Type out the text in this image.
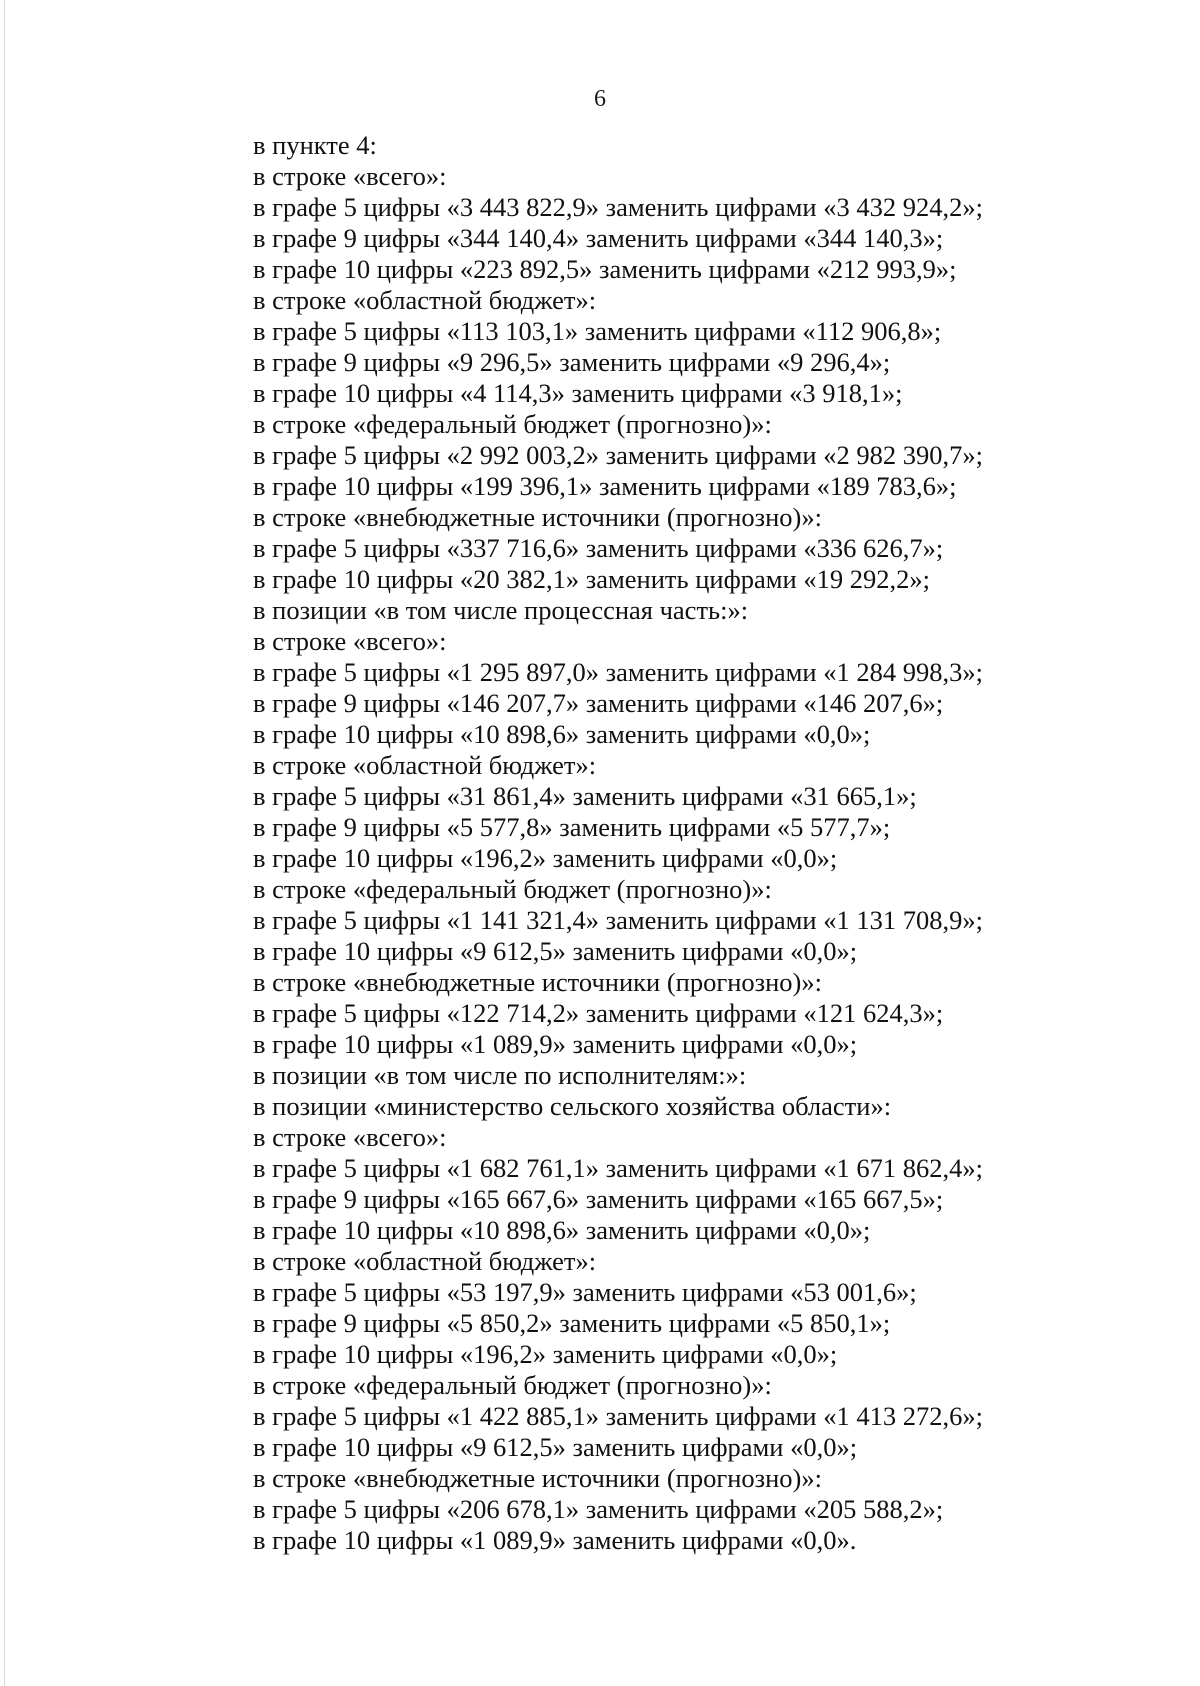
6
в пункте 4:
в строке «всего»:
в графе 5 цифры «3 443 822,9» заменить цифрами «3 432 924,2»;
в графе 9 цифры «344 140,4» заменить цифрами «344 140,3»;
в графе 10 цифры «223 892,5» заменить цифрами «212 993,9»;
в строке «областной бюджет»:
в графе 5 цифры «113 103,1» заменить цифрами «112 906,8»;
в графе 9 цифры «9 296,5» заменить цифрами «9 296,4»;
в графе 10 цифры «4 114,3» заменить цифрами «3 918,1»;
в строке «федеральный бюджет (прогнозно)»:
в графе 5 цифры «2 992 003,2» заменить цифрами «2 982 390,7»;
в графе 10 цифры «199 396,1» заменить цифрами «189 783,6»;
в строке «внебюджетные источники (прогнозно)»:
в графе 5 цифры «337 716,6» заменить цифрами «336 626,7»;
в графе 10 цифры «20 382,1» заменить цифрами «19 292,2»;
в позиции «в том числе процессная часть:»:
в строке «всего»:
в графе 5 цифры «1 295 897,0» заменить цифрами «1 284 998,3»;
в графе 9 цифры «146 207,7» заменить цифрами «146 207,6»;
в графе 10 цифры «10 898,6» заменить цифрами «0,0»;
в строке «областной бюджет»:
в графе 5 цифры «31 861,4» заменить цифрами «31 665,1»;
в графе 9 цифры «5 577,8» заменить цифрами «5 577,7»;
в графе 10 цифры «196,2» заменить цифрами «0,0»;
в строке «федеральный бюджет (прогнозно)»:
в графе 5 цифры «1 141 321,4» заменить цифрами «1 131 708,9»;
в графе 10 цифры «9 612,5» заменить цифрами «0,0»;
в строке «внебюджетные источники (прогнозно)»:
в графе 5 цифры «122 714,2» заменить цифрами «121 624,3»;
в графе 10 цифры «1 089,9» заменить цифрами «0,0»;
в позиции «в том числе по исполнителям:»:
в позиции «министерство сельского хозяйства области»:
в строке «всего»:
в графе 5 цифры «1 682 761,1» заменить цифрами «1 671 862,4»;
в графе 9 цифры «165 667,6» заменить цифрами «165 667,5»;
в графе 10 цифры «10 898,6» заменить цифрами «0,0»;
в строке «областной бюджет»:
в графе 5 цифры «53 197,9» заменить цифрами «53 001,6»;
в графе 9 цифры «5 850,2» заменить цифрами «5 850,1»;
в графе 10 цифры «196,2» заменить цифрами «0,0»;
в строке «федеральный бюджет (прогнозно)»:
в графе 5 цифры «1 422 885,1» заменить цифрами «1 413 272,6»;
в графе 10 цифры «9 612,5» заменить цифрами «0,0»;
в строке «внебюджетные источники (прогнозно)»:
в графе 5 цифры «206 678,1» заменить цифрами «205 588,2»;
в графе 10 цифры «1 089,9» заменить цифрами «0,0».
